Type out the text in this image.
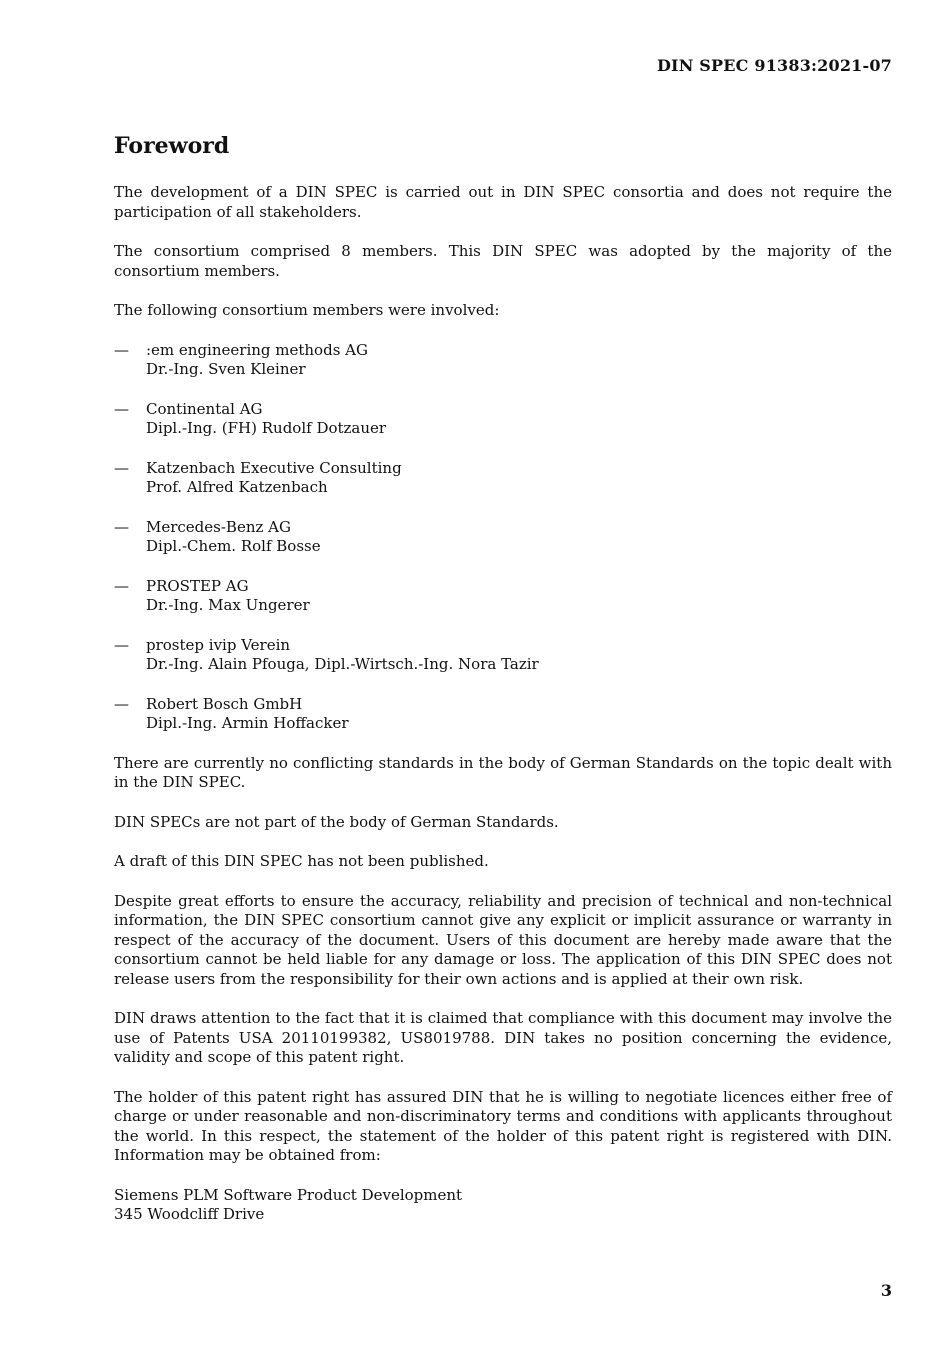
DIN SPEC 91383:2021-07
Foreword

The development of a DIN SPEC is carried out in DIN SPEC consortia and does not require the participation of all stakeholders.

The consortium comprised 8 members. This DIN SPEC was adopted by the majority of the consortium members.

The following consortium members were involved:

— :em engineering methods AG
Dr.-Ing. Sven Kleiner
— Continental AG
Dipl.-Ing. (FH) Rudolf Dotzauer
— Katzenbach Executive Consulting
Prof. Alfred Katzenbach
— Mercedes-Benz AG
Dipl.-Chem. Rolf Bosse
— PROSTEP AG
Dr.-Ing. Max Ungerer
— prostep ivip Verein
Dr.-Ing. Alain Pfouga, Dipl.-Wirtsch.-Ing. Nora Tazir
— Robert Bosch GmbH
Dipl.-Ing. Armin Hoffacker

There are currently no conflicting standards in the body of German Standards on the topic dealt with in the DIN SPEC.

DIN SPECs are not part of the body of German Standards.

A draft of this DIN SPEC has not been published.

Despite great efforts to ensure the accuracy, reliability and precision of technical and non-technical information, the DIN SPEC consortium cannot give any explicit or implicit assurance or warranty in respect of the accuracy of the document. Users of this document are hereby made aware that the consortium cannot be held liable for any damage or loss. The application of this DIN SPEC does not release users from the responsibility for their own actions and is applied at their own risk.

DIN draws attention to the fact that it is claimed that compliance with this document may involve the use of Patents USA 20110199382, US8019788. DIN takes no position concerning the evidence, validity and scope of this patent right.

The holder of this patent right has assured DIN that he is willing to negotiate licences either free of charge or under reasonable and non-discriminatory terms and conditions with applicants throughout the world. In this respect, the statement of the holder of this patent right is registered with DIN. Information may be obtained from:

Siemens PLM Software Product Development
345 Woodcliff Drive
3
